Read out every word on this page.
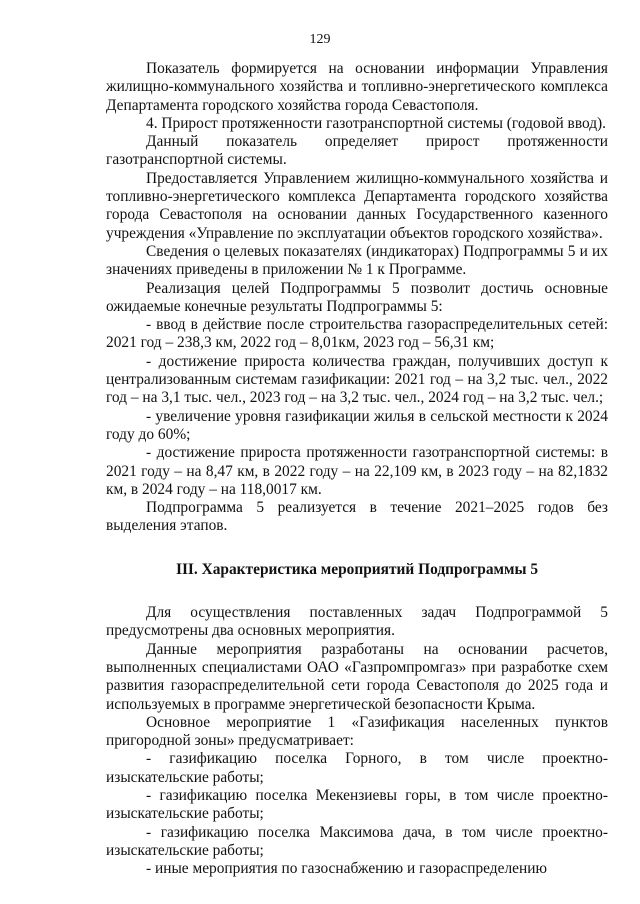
129

Показатель формируется на основании информации Управления жилищно-коммунального хозяйства и топливно-энергетического комплекса Департамента городского хозяйства города Севастополя.

4. Прирост протяженности газотранспортной системы (годовой ввод).

Данный показатель определяет прирост протяженности газотранспортной системы.

Предоставляется Управлением жилищно-коммунального хозяйства и топливно-энергетического комплекса Департамента городского хозяйства города Севастополя на основании данных Государственного казенного учреждения «Управление по эксплуатации объектов городского хозяйства».

Сведения о целевых показателях (индикаторах) Подпрограммы 5 и их значениях приведены в приложении № 1 к Программе.

Реализация целей Подпрограммы 5 позволит достичь основные ожидаемые конечные результаты Подпрограммы 5:

- ввод в действие после строительства газораспределительных сетей: 2021 год – 238,3 км, 2022 год – 8,01км, 2023 год – 56,31 км;

- достижение прироста количества граждан, получивших доступ к централизованным системам газификации: 2021 год – на 3,2 тыс. чел., 2022 год – на 3,1 тыс. чел., 2023 год – на 3,2 тыс. чел., 2024 год – на 3,2 тыс. чел.;

- увеличение уровня газификации жилья в сельской местности к 2024 году до 60%;

- достижение прироста протяженности газотранспортной системы: в 2021 году – на 8,47 км, в 2022 году – на 22,109 км, в 2023 году – на 82,1832 км, в 2024 году – на 118,0017 км.

Подпрограмма 5 реализуется в течение 2021–2025 годов без выделения этапов.

III. Характеристика мероприятий Подпрограммы 5

Для осуществления поставленных задач Подпрограммой 5 предусмотрены два основных мероприятия.

Данные мероприятия разработаны на основании расчетов, выполненных специалистами ОАО «Газпромпромгаз» при разработке схем развития газораспределительной сети города Севастополя до 2025 года и используемых в программе энергетической безопасности Крыма.

Основное мероприятие 1 «Газификация населенных пунктов пригородной зоны» предусматривает:

- газификацию поселка Горного, в том числе проектно-изыскательские работы;

- газификацию поселка Мекензиевы горы, в том числе проектно-изыскательские работы;

- газификацию поселка Максимова дача, в том числе проектно-изыскательские работы;

- иные мероприятия по газоснабжению и газораспределению
